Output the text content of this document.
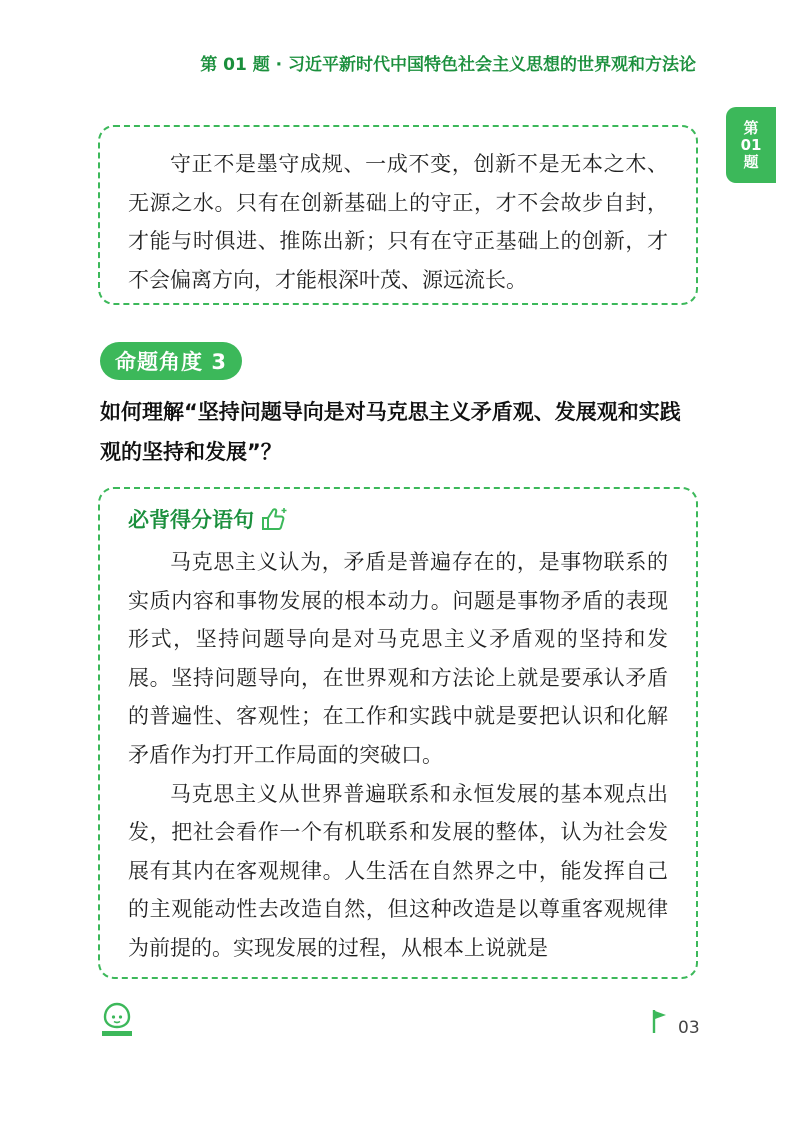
第 01 题 · 习近平新时代中国特色社会主义思想的世界观和方法论
第
01
题

守正不是墨守成规、一成不变，创新不是无本之木、无源之水。只有在创新基础上的守正，才不会故步自封，才能与时俱进、推陈出新；只有在守正基础上的创新，才不会偏离方向，才能根深叶茂、源远流长。

命题角度 3
如何理解“坚持问题导向是对马克思主义矛盾观、发展观和实践观的坚持和发展”？
必背得分语句

马克思主义认为，矛盾是普遍存在的，是事物联系的实质内容和事物发展的根本动力。问题是事物矛盾的表现形式，坚持问题导向是对马克思主义矛盾观的坚持和发展。坚持问题导向，在世界观和方法论上就是要承认矛盾的普遍性、客观性；在工作和实践中就是要把认识和化解矛盾作为打开工作局面的突破口。

马克思主义从世界普遍联系和永恒发展的基本观点出发，把社会看作一个有机联系和发展的整体，认为社会发展有其内在客观规律。人生活在自然界之中，能发挥自己的主观能动性去改造自然，但这种改造是以尊重客观规律为前提的。实现发展的过程，从根本上说就是

03
